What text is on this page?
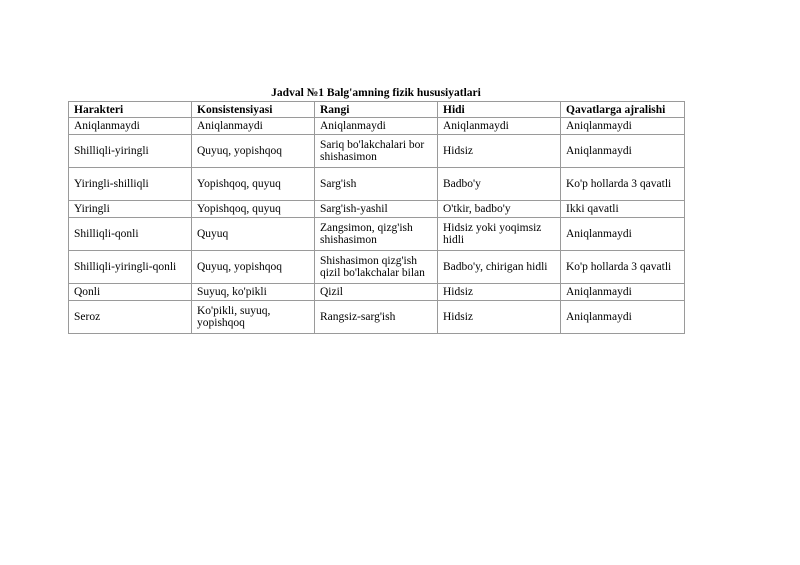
Jadval №1 Balg'amning fizik hususiyatlari
Harakteri	Konsistensiyasi	Rangi	Hidi	Qavatlarga ajralishi
Aniqlanmaydi	Aniqlanmaydi	Aniqlanmaydi	Aniqlanmaydi	Aniqlanmaydi
Shilliqli-yiringli	Quyuq, yopishqoq	Sariq bo'lakchalari bor shishasimon	Hidsiz	Aniqlanmaydi
Yiringli-shilliqli	Yopishqoq, quyuq	Sarg'ish	Badbo'y	Ko'p hollarda 3 qavatli
Yiringli	Yopishqoq, quyuq	Sarg'ish-yashil	O'tkir, badbo'y	Ikki qavatli
Shilliqli-qonli	Quyuq	Zangsimon, qizg'ish shishasimon	Hidsiz yoki yoqimsiz hidli	Aniqlanmaydi
Shilliqli-yiringli-qonli	Quyuq, yopishqoq	Shishasimon qizg'ish qizil bo'lakchalar bilan	Badbo'y, chirigan hidli	Ko'p hollarda 3 qavatli
Qonli	Suyuq, ko'pikli	Qizil	Hidsiz	Aniqlanmaydi
Seroz	Ko'pikli, suyuq, yopishqoq	Rangsiz-sarg'ish	Hidsiz	Aniqlanmaydi
